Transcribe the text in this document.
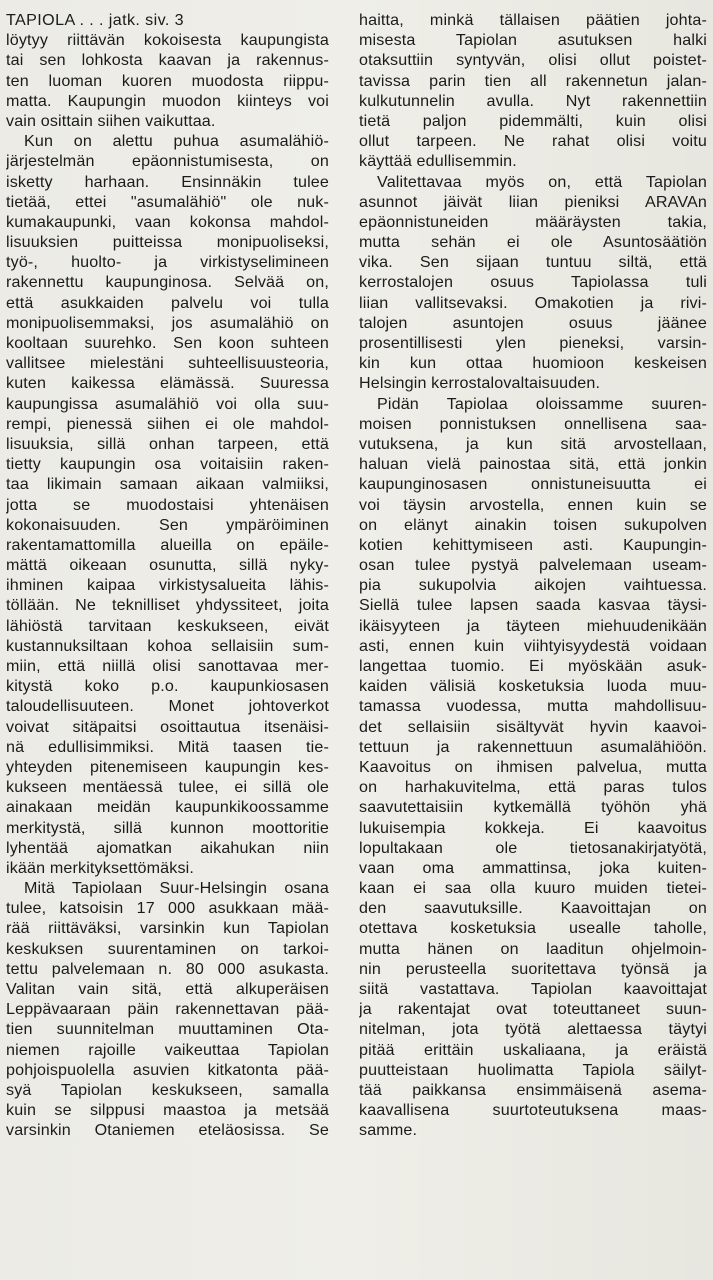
TAPIOLA . . . jatk. siv. 3
löytyy riittävän kokoisesta kaupungista
tai sen lohkosta kaavan ja rakennus-
ten luoman kuoren muodosta riippu-
matta. Kaupungin muodon kiinteys voi
vain osittain siihen vaikuttaa.
Kun on alettu puhua asumalähiö-
järjestelmän epäonnistumisesta, on
isketty harhaan. Ensinnäkin tulee
tietää, ettei "asumalähiö" ole nuk-
kumakaupunki, vaan kokonsa mahdol-
lisuuksien puitteissa monipuoliseksi,
työ-, huolto- ja virkistyselimineen
rakennettu kaupunginosa. Selvää on,
että asukkaiden palvelu voi tulla
monipuolisemmaksi, jos asumalähiö on
kooltaan suurehko. Sen koon suhteen
vallitsee mielestäni suhteellisuusteoria,
kuten kaikessa elämässä. Suuressa
kaupungissa asumalähiö voi olla suu-
rempi, pienessä siihen ei ole mahdol-
lisuuksia, sillä onhan tarpeen, että
tietty kaupungin osa voitaisiin raken-
taa likimain samaan aikaan valmiiksi,
jotta se muodostaisi yhtenäisen
kokonaisuuden. Sen ympäröiminen
rakentamattomilla alueilla on epäile-
mättä oikeaan osunutta, sillä nyky-
ihminen kaipaa virkistysalueita lähis-
töllään. Ne teknilliset yhdyssiteet, joita
lähiöstä tarvitaan keskukseen, eivät
kustannuksiltaan kohoa sellaisiin sum-
miin, että niillä olisi sanottavaa mer-
kitystä koko p.o. kaupunkiosasen
taloudellisuuteen. Monet johtoverkot
voivat sitäpaitsi osoittautua itsenäisi-
nä edullisimmiksi. Mitä taasen tie-
yhteyden pitenemiseen kaupungin kes-
kukseen mentäessä tulee, ei sillä ole
ainakaan meidän kaupunkikoossamme
merkitystä, sillä kunnon moottoritie
lyhentää ajomatkan aikahukan niin
ikään merkityksettömäksi.
Mitä Tapiolaan Suur-Helsingin osana
tulee, katsoisin 17 000 asukkaan mää-
rää riittäväksi, varsinkin kun Tapiolan
keskuksen suurentaminen on tarkoi-
tettu palvelemaan n. 80 000 asukasta.
Valitan vain sitä, että alkuperäisen
Leppävaaraan päin rakennettavan pää-
tien suunnitelman muuttaminen Ota-
niemen rajoille vaikeuttaa Tapiolan
pohjoispuolella asuvien kitkatonta pää-
syä Tapiolan keskukseen, samalla
kuin se silppusi maastoa ja metsää
varsinkin Otaniemen eteläosissa. Se
haitta, minkä tällaisen päätien johta-
misesta Tapiolan asutuksen halki
otaksuttiin syntyvän, olisi ollut poistet-
tavissa parin tien all rakennetun jalan-
kulkutunnelin avulla. Nyt rakennettiin
tietä paljon pidemmälti, kuin olisi
ollut tarpeen. Ne rahat olisi voitu
käyttää edullisemmin.
Valitettavaa myös on, että Tapiolan
asunnot jäivät liian pieniksi ARAVAn
epäonnistuneiden määräysten takia,
mutta sehän ei ole Asuntosäätiön
vika. Sen sijaan tuntuu siltä, että
kerrostalojen osuus Tapiolassa tuli
liian vallitsevaksi. Omakotien ja rivi-
talojen asuntojen osuus jäänee
prosentillisesti ylen pieneksi, varsin-
kin kun ottaa huomioon keskeisen
Helsingin kerrostalovaltaisuuden.
Pidän Tapiolaa oloissamme suuren-
moisen ponnistuksen onnellisena saa-
vutuksena, ja kun sitä arvostellaan,
haluan vielä painostaa sitä, että jonkin
kaupunginosasen onnistuneisuutta ei
voi täysin arvostella, ennen kuin se
on elänyt ainakin toisen sukupolven
kotien kehittymiseen asti. Kaupungin-
osan tulee pystyä palvelemaan useam-
pia sukupolvia aikojen vaihtuessa.
Siellä tulee lapsen saada kasvaa täysi-
ikäisyyteen ja täyteen miehuudenikään
asti, ennen kuin viihtyisyydestä voidaan
langettaa tuomio. Ei myöskään asuk-
kaiden välisiä kosketuksia luoda muu-
tamassa vuodessa, mutta mahdollisuu-
det sellaisiin sisältyvät hyvin kaavoi-
tettuun ja rakennettuun asumalähiöön.
Kaavoitus on ihmisen palvelua, mutta
on harhakuvitelma, että paras tulos
saavutettaisiin kytkemällä työhön yhä
lukuisempia kokkeja. Ei kaavoitus
lopultakaan ole tietosanakirjatyötä,
vaan oma ammattinsa, joka kuiten-
kaan ei saa olla kuuro muiden tietei-
den saavutuksille. Kaavoittajan on
otettava kosketuksia usealle taholle,
mutta hänen on laaditun ohjelmoin-
nin perusteella suoritettava työnsä ja
siitä vastattava. Tapiolan kaavoittajat
ja rakentajat ovat toteuttaneet suun-
nitelman, jota työtä alettaessa täytyi
pitää erittäin uskaliaana, ja eräistä
puutteistaan huolimatta Tapiola säilyt-
tää paikkansa ensimmäisenä asema-
kaavallisena suurtoteutuksena maas-
samme.
